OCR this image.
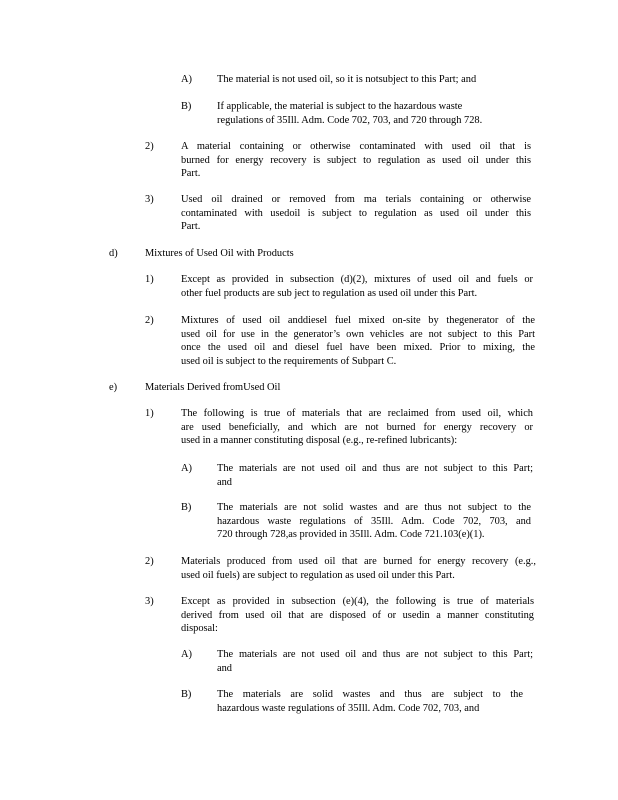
A) The material is not used oil, so it is notsubject to this Part; and
B) If applicable, the material is subject to the hazardous waste
regulations of 35Ill. Adm. Code 702, 703, and 720 through 728.
2)	A material containing or otherwise contaminated with used oil that is
burned for energy recovery is subject to regulation as used oil under this
Part.
3)	Used oil drained or removed from ma terials containing or otherwise
contaminated with usedoil is subject to regulation as used oil under this
Part.
d)	Mixtures of Used Oil with Products
1)	Except as provided in subsection (d)(2), mixtures of used oil and fuels or
other fuel products are sub ject to regulation as used oil under this Part.
2)	Mixtures of used oil anddiesel fuel mixed on-site by thegenerator of the
used oil for use in the generator’s own vehicles are not subject to this Part
once the used oil and diesel fuel have been mixed. Prior to mixing, the
used oil is subject to the requirements of Subpart C.
e)	Materials Derived fromUsed Oil
1)	The following is true of materials that are reclaimed from used oil, which
are used beneficially, and which are not burned for energy recovery or
used in a manner constituting disposal (e.g., re-refined lubricants):
A) The materials are not used oil and thus are not subject to this Part;
and
B) The materials are not solid wastes and are thus not subject to the
hazardous waste regulations of 35Ill. Adm. Code 702, 703, and
720 through 728,as provided in 35Ill. Adm. Code 721.103(e)(1).
2)	Materials produced from used oil that are burned for energy recovery (e.g.,
used oil fuels) are subject to regulation as used oil under this Part.
3)	Except as provided in subsection (e)(4), the following is true of materials
derived from used oil that are disposed of or usedin a manner constituting
disposal:
A) The materials are not used oil and thus are not subject to this Part;
and
B) The materials are solid wastes and thus are subject to the
hazardous waste regulations of 35Ill. Adm. Code 702, 703, and
